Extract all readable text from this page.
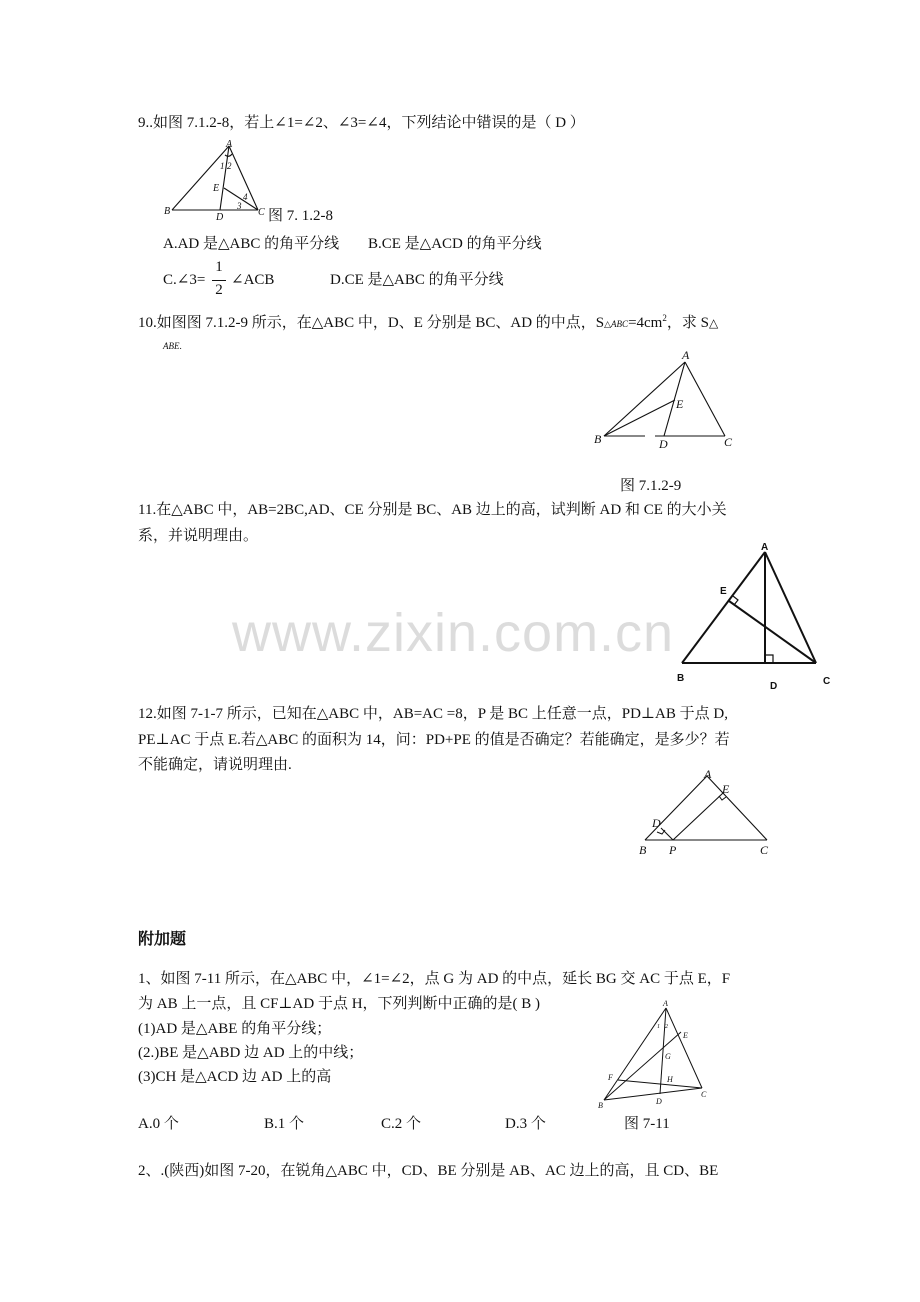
www.zixin.com.cn
9..如图 7.1.2-8，若上∠1=∠2、∠3=∠4，下列结论中错误的是（ D ）
A
B	C
D
E
1 2
3
4
图 7. 1.2-8
A.AD 是△ABC 的角平分线 B.CE 是△ACD 的角平分线
C.∠3=
1
2
∠ACB	D.CE 是△ABC 的角平分线
10.如图图 7.1.2-9 所示，在△ABC 中，D、E 分别是 BC、AD 的中点，$S\triangle ABC=4cm^2$，求 S△
ABE.
A
B	C
D
E
图 7.1.2-9
11.在△ABC 中，AB=2BC,AD、CE 分别是 BC、AB 边上的高，试判断 AD 和 CE 的大小关
系，并说明理由。
A
B	C
D
E
12.如图 7-1-7 所示，已知在△ABC 中，AB=AC =8，P 是 BC 上任意一点，PD⊥AB 于点 D,
PE⊥AC 于点 E.若△ABC 的面积为 14，问：PD+PE 的值是否确定？若能确定，是多少？若
不能确定，请说明理由.
A
B	C
D
E
P
附加题
1、如图 7-11 所示，在△ABC 中，∠1=∠2，点 G 为 AD 的中点，延长 BG 交 AC 于点 E，F
为 AB 上一点，且 CF⊥AD 于点 H，下列判断中正确的是( B )
(1)AD 是△ABE 的角平分线；
(2.)BE 是△ABD 边 AD 上的中线；
(3)CH 是△ACD 边 AD 上的高
A
B
C
D
E
F
G
H
1 2
A.0 个	B.1 个	C.2 个	D.3 个	图 7-11
2、.(陕西)如图 7-20，在锐角△ABC 中，CD、BE 分别是 AB、AC 边上的高，且 CD、BE
